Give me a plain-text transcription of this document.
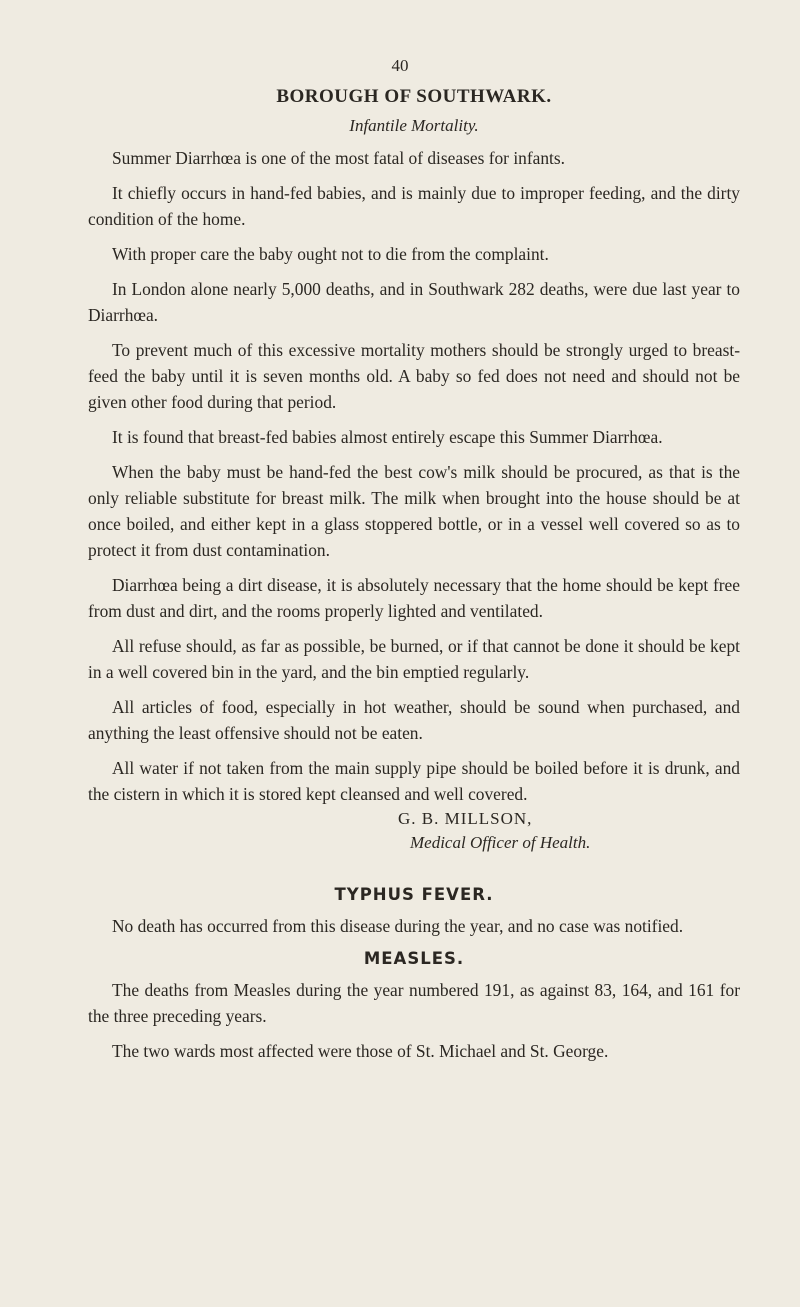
40
BOROUGH OF SOUTHWARK.
Infantile Mortality.

Summer Diarrhœa is one of the most fatal of diseases for infants.

It chiefly occurs in hand-fed babies, and is mainly due to improper feeding, and the dirty condition of the home.

With proper care the baby ought not to die from the complaint.

In London alone nearly 5,000 deaths, and in Southwark 282 deaths, were due last year to Diarrhœa.

To prevent much of this excessive mortality mothers should be strongly urged to breast-feed the baby until it is seven months old. A baby so fed does not need and should not be given other food during that period.

It is found that breast-fed babies almost entirely escape this Summer Diarrhœa.

When the baby must be hand-fed the best cow's milk should be procured, as that is the only reliable substitute for breast milk. The milk when brought into the house should be at once boiled, and either kept in a glass stoppered bottle, or in a vessel well covered so as to protect it from dust contamination.

Diarrhœa being a dirt disease, it is absolutely necessary that the home should be kept free from dust and dirt, and the rooms properly lighted and ventilated.

All refuse should, as far as possible, be burned, or if that cannot be done it should be kept in a well covered bin in the yard, and the bin emptied regularly.

All articles of food, especially in hot weather, should be sound when purchased, and anything the least offensive should not be eaten.

All water if not taken from the main supply pipe should be boiled before it is drunk, and the cistern in which it is stored kept cleansed and well covered.

G. B. MILLSON,
Medical Officer of Health.
TYPHUS FEVER.

No death has occurred from this disease during the year, and no case was notified.

MEASLES.

The deaths from Measles during the year numbered 191, as against 83, 164, and 161 for the three preceding years.

The two wards most affected were those of St. Michael and St. George.
